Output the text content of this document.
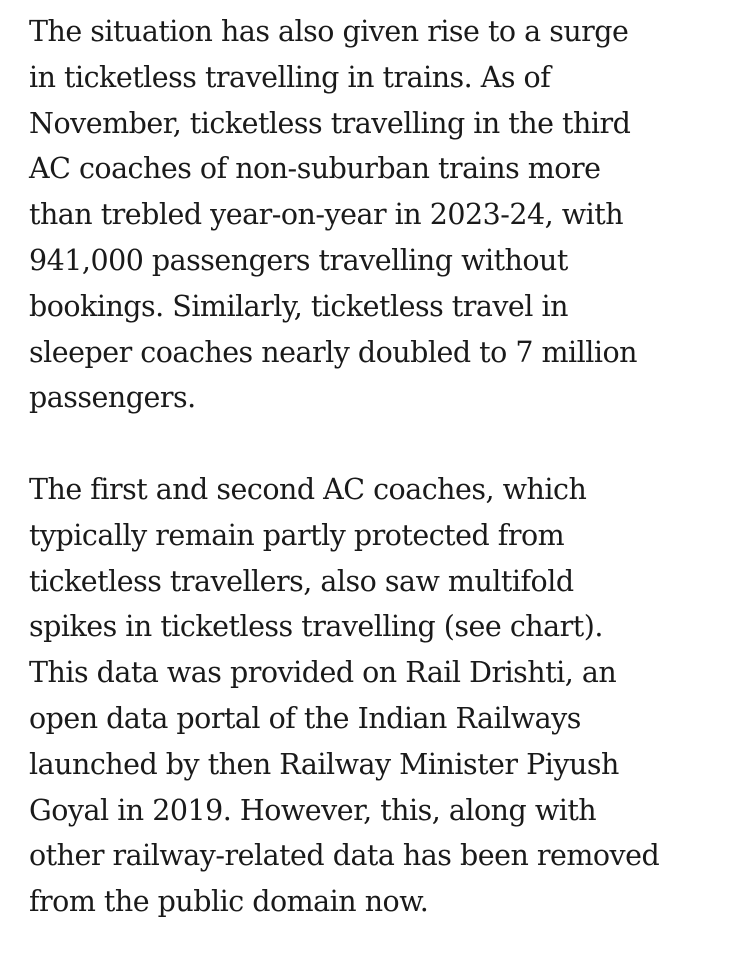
The situation has also given rise to a surge
in ticketless travelling in trains. As of
November, ticketless travelling in the third
AC coaches of non-suburban trains more
than trebled year-on-year in 2023-24, with
941,000 passengers travelling without
bookings. Similarly, ticketless travel in
sleeper coaches nearly doubled to 7 million
passengers.

The first and second AC coaches, which
typically remain partly protected from
ticketless travellers, also saw multifold
spikes in ticketless travelling (see chart).
This data was provided on Rail Drishti, an
open data portal of the Indian Railways
launched by then Railway Minister Piyush
Goyal in 2019. However, this, along with
other railway-related data has been removed
from the public domain now.
